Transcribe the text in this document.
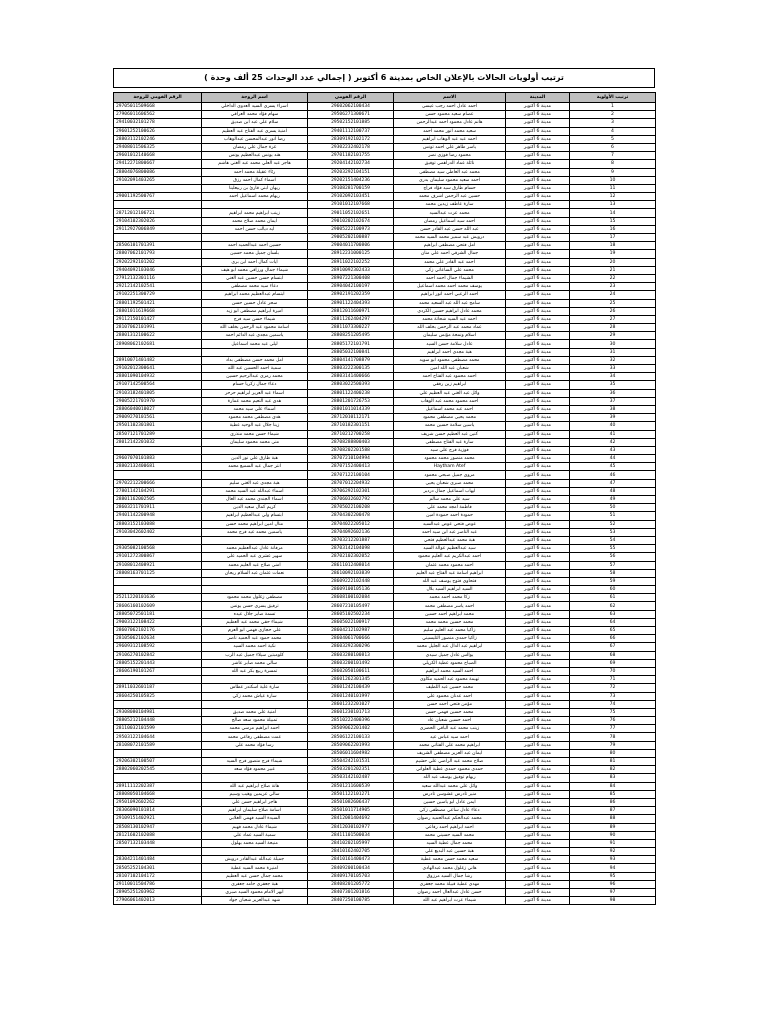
ترتيب أولويات الحالات بالإعلان الخاص بمدينة 6 أكتوبر ( إجمالي عدد الوحدات 25 ألف وحدة )
الرقم القومي للزوجة	اسم الزوجة	الرقم القومي	الاسم	المدينة	ترتيب الأولوية
29705011509668	اسراء يسري السيد العدوي الداخلي	29602062100434	احمد عادل احمد رجب عيسى	مدينة 6 أكتوبر	1
27906011606562	سهام فؤاد محمد العراقي	29506271300671	عصام سعيد محمود حسن	مدينة 6 أكتوبر	2
29410032101278	سلام علي عبد ابن صديق	29502152101885	هانم عادل محمود احمد عبدالرحمن	مدينة 6 أكتوبر	3
29601252100626	امنية يسري عبد الفتاح عبد العظيم	29401112100737	سعيد محمد انور محمد احمد	مدينة 6 أكتوبر	4
28803112102246	رضا انور عبدالمحسن عبدالوهاب	28309192102172	احمد عبد عبد الوهاب ابراهيم	مدينة 6 أكتوبر	5
29408011506325	غزة جمال علي رمضان	29302232402178	ياسر طاهر علي احمد تونس	مدينة 6 أكتوبر	6
29601012140668	هند يونس عبدالعظيم يونس	29701182101755	محمود رضا فوزي نصر	مدينة 6 أكتوبر	7
29412271800667	هاجر عبد العلي محمد عبد الغني هاشم	29204142102734	نائلة عماد الدراهمي توفيق	مدينة 6 أكتوبر	8
28804076800086	رئاء عقيلة محمد احمد	29203292104151	محمد عبد العاطي سيد مصطفى	مدينة 6 أكتوبر	9
29102091403265	اسماء كمال احمد رزق	29202151404236	احمد سعيد محمود سليمان بدري	مدينة 6 أكتوبر	10
	ريهان ابني قارئ بن ربيعلينا	29108281700159	حسام طارق سيد فؤاد فراج	مدينة 6 أكتوبر	11
29001192500767	ريهام محمد اسماعيل احمد	29102092103451	حسين عبد الرحمن اشرف محمد	مدينة 6 أكتوبر	12
		29101012107668	سارة عاطف زيدين محمد	مدينة 6 أكتوبر	13
28712012106721	زينب ابراهيم محمد ابراهيم	29011052102651	محمد عزت عبدالسيد	مدينة 6 أكتوبر	14
29104102302026	ايمان محمد صلاح محمد	29010202102674	احمد سيد اسماعيل رمضان	مدينة 6 أكتوبر	15
29112927006849	ايه ديالب حسن احمد	29005222100973	عبد الله حسن عبد القادر حسن	مدينة 6 أكتوبر	16
		29005202100887	درويش عبد سمير محمد السيد محمد	مدينة 6 أكتوبر	17
28506101701391	حسين احمد عبدالحميد احمد	29004011700806	امل فتحي مصطفى ابراهيم	مدينة 6 أكتوبر	18
28807062101793	بلسان جميل محمد حسين	28912231000125	جمال الشرقي احمد علي منان	مدينة 6 أكتوبر	19
29202292101202	ايات كمال احمد ابن بري	28911022102252	احمد عبد القادر علي محمد	مدينة 6 أكتوبر	20
29404092103046	شيماء جمال ورزاقي محمد ابو هيف	28910092302433	محمد علي الساعاتي زكي	مدينة 6 أكتوبر	21
27912132301116	ابتسام حسن حسين عبد الغني	28907221300408	الشيماء جمال احمد احمد	مدينة 6 أكتوبر	22
29212142102541	دعاء سيد محمد مصطفى	28904042100197	يوسف محمد احمد محمد اسماعيل	مدينة 6 أكتوبر	23
29102251300729	ابتسام عبدالعظيم محمد ابراهيم	28902191202359	احمد الزعبي احمد انور ابراهيم	مدينة 6 أكتوبر	24
28801192501421	سحر عادل حسين حسن	28901122404393	سامح عبد الله عبد السعيد محمد	مدينة 6 أكتوبر	25
28801011619668	اميرة ابراهيم مصطفى ابو زيد	28812011600971	محمد عادل ابراهيم حسين الكردي	مدينة 6 أكتوبر	26
29112150101427	شيماء حسن سيد فرج	28811262404297	احمد عبد السيد شحاتة محمد	مدينة 6 أكتوبر	27
28107062101991	اسامة محمود عبد الرحمن بخلف الله	28811073300227	عماد محمد عبد الرحمن بخلف الله	مدينة 6 أكتوبر	28
28801312100622	ياسمين مجدي عبد الدائم احمد	28808251205495	اسلام ونمحة مؤنس سليمان	مدينة 6 أكتوبر	29
28908062102681	ليلى عبد محمد اسماعيل	28805172101791	عادل سلامة حسن السيد	مدينة 6 أكتوبر	30
		28805032100841	هبة مجدي احمد ابراهيم	مدينة 6 أكتوبر	31
28910071401482	امل محمد حسن مصطفى بداد	28804141708879	محمد مصطفى محمود ابو سويد	مدينة 6 أكتوبر	32
29102012300641	سمية احمد الحسين عبد الله	28803222300135	شعبان عبد الله امين	مدينة 6 أكتوبر	33
28801090104932	محمد رمزي عبدالرحيم حسين	28803141400666	احمد محمود عبد الفتاح احمد	مدينة 6 أكتوبر	34
29107142500564	دعاء جمال زكريا حسام	28803022500393	ابراهيم زين رفقي	مدينة 6 أكتوبر	35
29103182401805	اسماء عبد العزيز ابراهيم حرحر	28801122400238	وائل عبد الغني عبد العظيم علي	مدينة 6 أكتوبر	36
29005221701970	هدى عبد النعيم محمد عمارة	28801201726753	احمد محمود محمد عبد الوهاب	مدينة 6 أكتوبر	37
28806040010027	اسماء علي سيد محمد	28801011014339	احمد عبد محمد اسماعيل	مدينة 6 أكتوبر	38
29009270101561	هدى مصطفى محمد محمود	28712010112171	محمد يحيى مصطفى محمود	مدينة 6 أكتوبر	39
29501102301801	زينا جلال عبد الوحيد عطية	28710182301151	ياسين سلامة حسين محمد	مدينة 6 أكتوبر	40
28507121701289	شيماء حسن محمد منذرى	28710212700258	كنين عبد العظيم حسن شريف	مدينة 6 أكتوبر	41
28012142201032	منى محمد محمود سليمان	28708288800403	سارة عبد الفتاح مصطفى	مدينة 6 أكتوبر	42
		28708202201588	فوزية فرج علي سيد	مدينة 6 أكتوبر	43
29607070101883	هبة طارق علي نور الدين	28707210104994	محمد منصور محمد محمود	مدينة 6 أكتوبر	44
28802132400681	انتز جمال عبد السميع محمد	28707152400413	Haytham Atef	مدينة 6 أكتوبر	45
		28707122100104	مروى جميل صبحي محمود	مدينة 6 أكتوبر	46
29702212200666	هبة مجدي عبد الغني سليم	28707012204932	محمد صبري شعبان يحيى	مدينة 6 أكتوبر	47
27801142104291	اسماء عبدالله عبد السيد محمد	28706292102301	ايهاب اسماعيل جمال دردير	مدينة 6 أكتوبر	48
28801162002505	اسماء الجندي محمد عبد العال	28706032602792	سيد علي محمد سالم	مدينة 6 أكتوبر	49
28603211701911	كريم كمال سعيد الدين	28705022100208	فاطمة امجد محمد علي	مدينة 6 أكتوبر	50
29401142200948	ابتسام ولي عبدالعظيم ابراهيم	28704302200478	حمودة احمد حمودة امين	مدينة 6 أكتوبر	51
28803152103088	منال امين ابراهيم محمد حسن	28704022205012	عوض فتحي عوض عبدالسيد	مدينة 6 أكتوبر	52
29103042602402	ياسمين محمد عيد فرج محمد	28704092602136	عبد الناصر عبد ابن سيد احمد	مدينة 6 أكتوبر	53
		28703212201887	هبة محمد عبدالعظيم فتحي	مدينة 6 أكتوبر	54
29305082100568	مرفانة عادل عبدالعظيم محمد	28703142104098	سيد عبدالعظيم عوالة السيد	مدينة 6 أكتوبر	55
29101272300867	سهير عشري عبد الحميد علي	28702102302052	احمد عبدالكريم عبد العليم محمود	مدينة 6 أكتوبر	56
29108012408921	امنى صلاح عبد العليم محمد	28611012408014	احمد محمود محمد عثمان	مدينة 6 أكتوبر	57
28808163701125	نعمات عثمان عبد السلام ريحان	28610092103839	ابراهيم اسامة عبد الفتاح عبد العليم	مدينة 6 أكتوبر	58
		28609222102448	فتحاوي فتوح يوسف عبد الله	مدينة 6 أكتوبر	59
		28609100105136	السيد ابراهيم السيد بلال	مدينة 6 أكتوبر	60
25211220101636	مصطفى زغلول محمد محمود	28608100102084	زكا محمد احمد محمد	مدينة 6 أكتوبر	61
28606160102609	ترفيق يسري حسن يونس	28607210105497	احمد ياسر مصطفى محمد	مدينة 6 أكتوبر	62
28805072501181	تسمة صابر جلال عيده	28605102502234	محمد ابراهيم احمد حسين	مدينة 6 أكتوبر	63
29003122108422	شيماء حقي محمد عبد العظيم	28605022100917	محمد حسين محمد محمد	مدينة 6 أكتوبر	64
28607062102176	علي حجازي فهمي ابو العزم	28604212102987	زاكيا محمد عبد العليم سليم	مدينة 6 أكتوبر	65
28105062102634	محمد حمود عبد الحميد ناصر	28604061700666	زاكيا حمدي منصور التليسيني	مدينة 6 أكتوبر	66
29609312108592	نكية احمد محمد السيد	28603292300296	ابراهيم عبد الدال عبد الجليل محمد	مدينة 6 أكتوبر	67
29106270102842	كلومبتين سيلاء جميل عبد الرب	28603280100813	يوالس عادل جميل سيدي	مدينة 6 أكتوبر	68
28805152201443	سالي محمد صابر عاشر	28603200101492	الصباح محمود عطية الكريلي	مدينة 6 أكتوبر	69
28606190101267	تمسرة ربيع بكر عبد الله	28602050100611	احمد السيد محمد ابراهيم	مدينة 6 أكتوبر	70
		28601262301345	تهيمة محمود عبد الحميد مكاوي	مدينة 6 أكتوبر	71
28911032601187	سارة علية اسكندر عطاس	28601242100439	محمد حسين عبد اللطيف	مدينة 6 أكتوبر	72
28604250105825	سارة عياش محمد زكي	28601240101997	احمد عدنان محمود علي	مدينة 6 أكتوبر	73
		28601232201027	مؤمن فتحي احمد حسن	مدينة 6 أكتوبر	74
29308080104981	امنية علي محمد صديق	28601230101713	محمد حسين فهمي حسن	مدينة 6 أكتوبر	75
28805212104448	تمبيلة محمود سعد صالح	28510222400396	احمد حسين شعبان عاد	مدينة 6 أكتوبر	76
28110032101599	احمد ابراهيم مرسي محمد	28509062201402	زينب محمد عبد الباقي الحضري	مدينة 6 أكتوبر	77
29503122104644	عمت مصطفى رفاعي محمد	28506122100133	احمد سيد عباس عيد	مدينة 6 أكتوبر	78
28108072101589	رسا فؤاد محمد علي	28509062201993	ابراهيم محمد علي الفتاني محمد	مدينة 6 أكتوبر	79
		28506011604982	ايمان عبد العزيز مصطفى الشريف	مدينة 6 أكتوبر	80
29206302100507	شيماء فرج منصور فرج السيد	28504242101531	صلاح محمد عبد الراضي علي حشيم	مدينة 6 أكتوبر	81
28802060202545	عبير محمود فؤاد سعد	28503201202351	حمدي محمود حمدي عطية العلواني	مدينة 6 أكتوبر	82
		28503142102487	ريهام توفيق يوسف عبد الله	مدينة 6 أكتوبر	83
28911112202387	هانة صلاح ابراهيم عبد الله	28501211600539	وائل علي محمد عبدالله سعيد	مدينة 6 أكتوبر	84
28808050104668	سالي عزيمين وهيب وسيم	28501122101271	منير تادرس عشوسن تادرس	مدينة 6 أكتوبر	85
29501092602262	هاجر ابراهيم حسن علي	28501082606437	ايمن عادل ابو ياسين حسين	مدينة 6 أكتوبر	86
28306090101814	اسامة صلاح سليمان ابراهيم	28501011714905	دعاء عادل ساعي مصطفى زكي	مدينة 6 أكتوبر	87
29109151402921	السيدة السيد فهمي الغلابي	28412081404692	محمد عبدالحكم عبدالحميد رضوان	مدينة 6 أكتوبر	88
28508130102947	شيماء عادل محمد فهيم	28412030102977	احمد ابراهيم احمد رفاعي	مدينة 6 أكتوبر	89
28121602102088	سمية السيد عماد علي	28411101500034	محمد السيد حسيني محمد	مدينة 6 أكتوبر	90
28507132103448	منيحة السيد محمد بهلول	28410202105997	محمد جمال عطية السيد	مدينة 6 أكتوبر	91
		28410162402705	هبة حسين عبد البديع علي	مدينة 6 أكتوبر	92
28304211401484	جميلة عبدالله عبدالقادر درويش	28410161400473	سعيد محمد حسن محمد عطية	مدينة 6 أكتوبر	93
28505252104301	امنيرة محمد السيد عطية	28409200100434	هاني زغلول محمد عبدالهادي	مدينة 6 أكتوبر	94
28107102104172	محمد جمال حسن عبد العظيم	28409170105703	رشا جمال السيد مرزوق	مدينة 6 أكتوبر	95
29110011504786	هبة جعفري حامد جعفري	28408201205772	مهدي عطية قبيلة محمد جعفري	مدينة 6 أكتوبر	96
28905251203962	ابهر الامام محمود السيد صبرى	28407301201816	حسن عادل عبدالعال احمد رضوان	مدينة 6 أكتوبر	97
27906061402013	شهد عبدالعزيز شعبان جواد	28407250100785	شيماء عزت ابراهيم عبد الله	مدينة 6 أكتوبر	98
